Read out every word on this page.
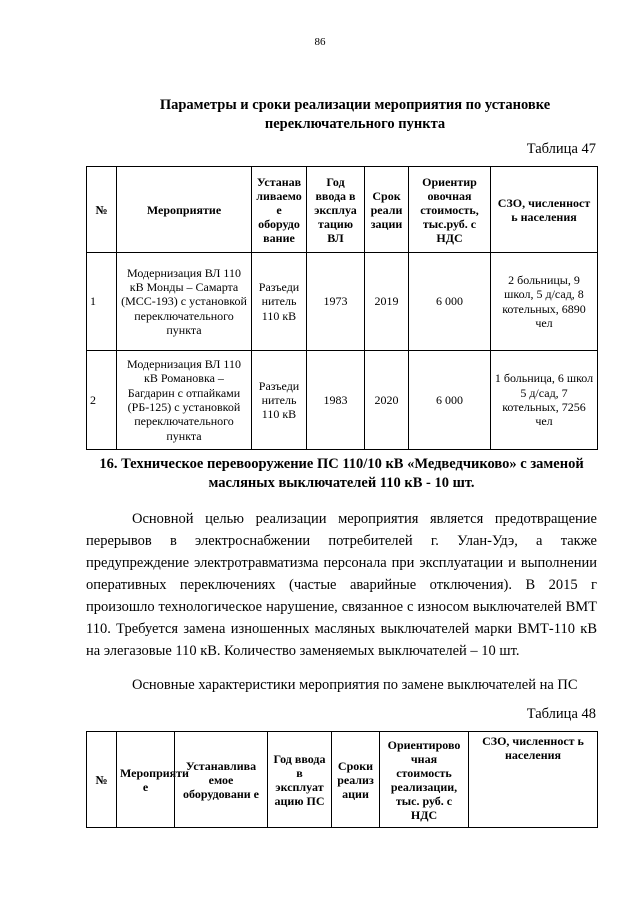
86
Параметры и сроки реализации мероприятия по установке переключательного пункта
Таблица 47
№	Мероприятие	Устанав ливаемо е оборудо вание	Год ввода в эксплуа тацию ВЛ	Срок реали зации	Ориентир овочная стоимость, тыс.руб. с НДС	СЗО, численност ь населения
1	Модернизация ВЛ 110 кВ Монды – Самарта (МСС-193) с установкой переключательного пункта	Разъеди нитель 110 кВ	1973	2019	6 000	2 больницы, 9 школ, 5 д/сад, 8 котельных, 6890 чел
2	Модернизация ВЛ 110 кВ Романовка – Багдарин с отпайками (РБ-125) с установкой переключательного пункта	Разъеди нитель 110 кВ	1983	2020	6 000	1 больница, 6 школ 5 д/сад, 7 котельных, 7256 чел
16. Техническое перевооружение ПС 110/10 кВ «Медведчиково» с заменой масляных выключателей 110 кВ - 10 шт.

Основной целью реализации мероприятия является предотвращение перерывов в электроснабжении потребителей г. Улан-Удэ, а также предупреждение электротравматизма персонала при эксплуатации и выполнении оперативных переключениях (частые аварийные отключения). В 2015 г произошло технологическое нарушение, связанное с износом выключателей ВМТ 110. Требуется замена изношенных масляных выключателей марки ВМТ-110 кВ на элегазовые 110 кВ. Количество заменяемых выключателей – 10 шт.

Основные характеристики мероприятия по замене выключателей на ПС

Таблица 48
№	Мероприяти е	Устанавлива емое оборудовани е	Год ввода в эксплуат ацию ПС	Сроки реализ ации	Ориентирово чная стоимость реализации, тыс. руб. с НДС	СЗО, численност ь населения
